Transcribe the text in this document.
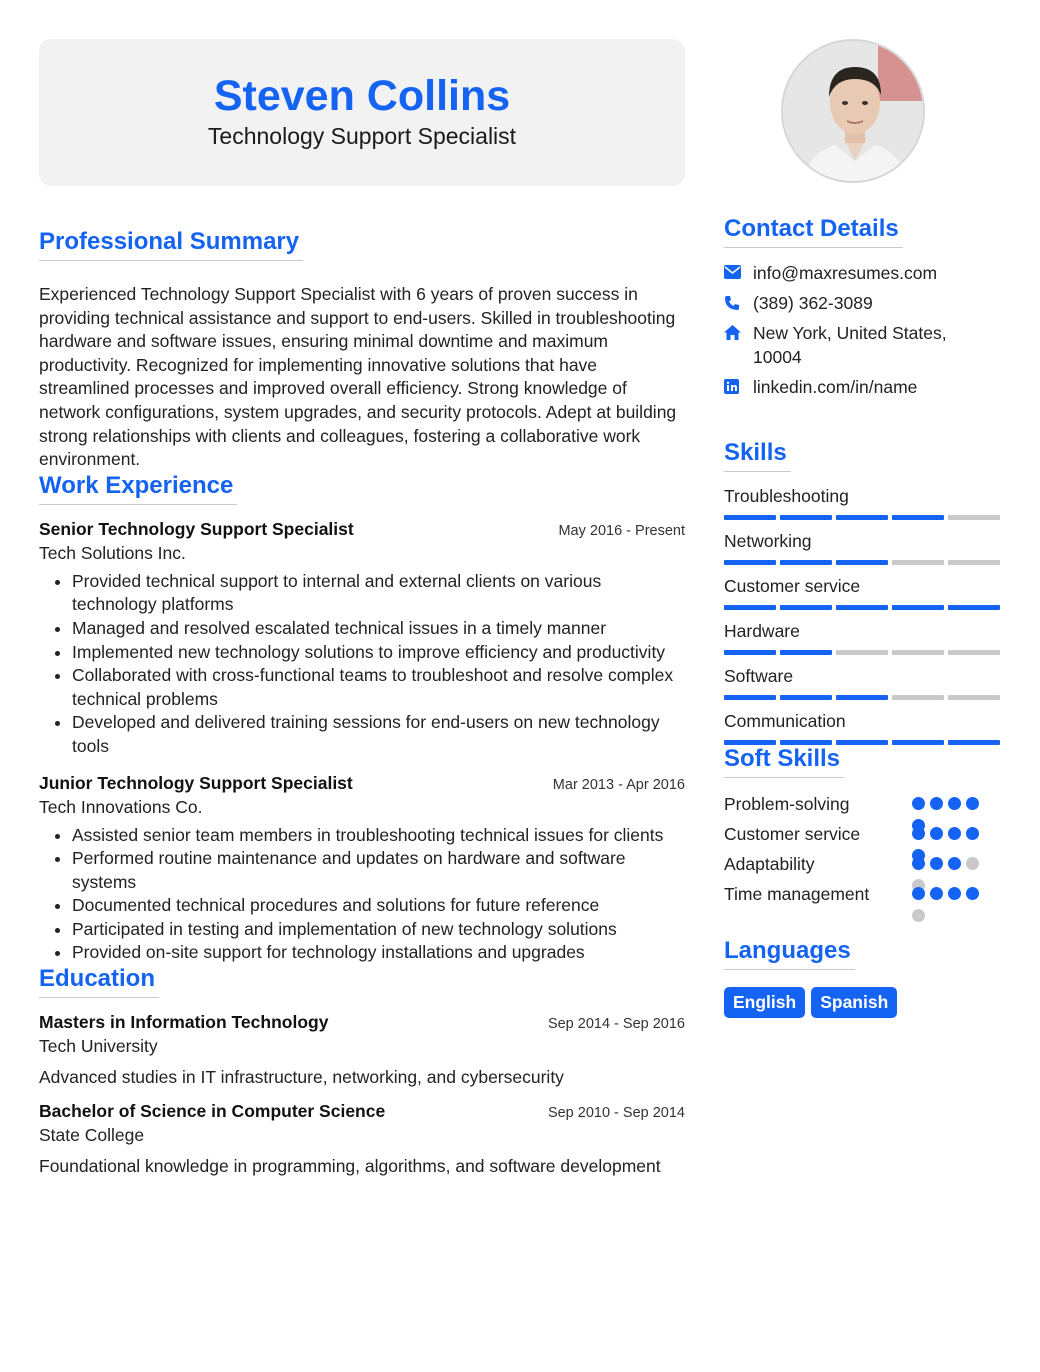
Steven Collins
Technology Support Specialist
Professional Summary

Experienced Technology Support Specialist with 6 years of proven success in providing technical assistance and support to end-users. Skilled in troubleshooting hardware and software issues, ensuring minimal downtime and maximum productivity. Recognized for implementing innovative solutions that have streamlined processes and improved overall efficiency. Strong knowledge of network configurations, system upgrades, and security protocols. Adept at building strong relationships with clients and colleagues, fostering a collaborative work environment.

Work Experience
Senior Technology Support Specialist	May 2016 - Present
Tech Solutions Inc.
• Provided technical support to internal and external clients on various technology platforms
• Managed and resolved escalated technical issues in a timely manner
• Implemented new technology solutions to improve efficiency and productivity
• Collaborated with cross-functional teams to troubleshoot and resolve complex technical problems
• Developed and delivered training sessions for end-users on new technology tools
Junior Technology Support Specialist	Mar 2013 - Apr 2016
Tech Innovations Co.
• Assisted senior team members in troubleshooting technical issues for clients
• Performed routine maintenance and updates on hardware and software systems
• Documented technical procedures and solutions for future reference
• Participated in testing and implementation of new technology solutions
• Provided on-site support for technology installations and upgrades
Education
Masters in Information Technology	Sep 2014 - Sep 2016
Tech University
Advanced studies in IT infrastructure, networking, and cybersecurity
Bachelor of Science in Computer Science	Sep 2010 - Sep 2014
State College
Foundational knowledge in programming, algorithms, and software development
Contact Details
info@maxresumes.com
(389) 362-3089
New York, United States, 10004
linkedin.com/in/name
Skills
Troubleshooting
Networking
Customer service
Hardware
Software
Communication
Soft Skills
Problem-solving
Customer service
Adaptability
Time management
Languages
English	Spanish
